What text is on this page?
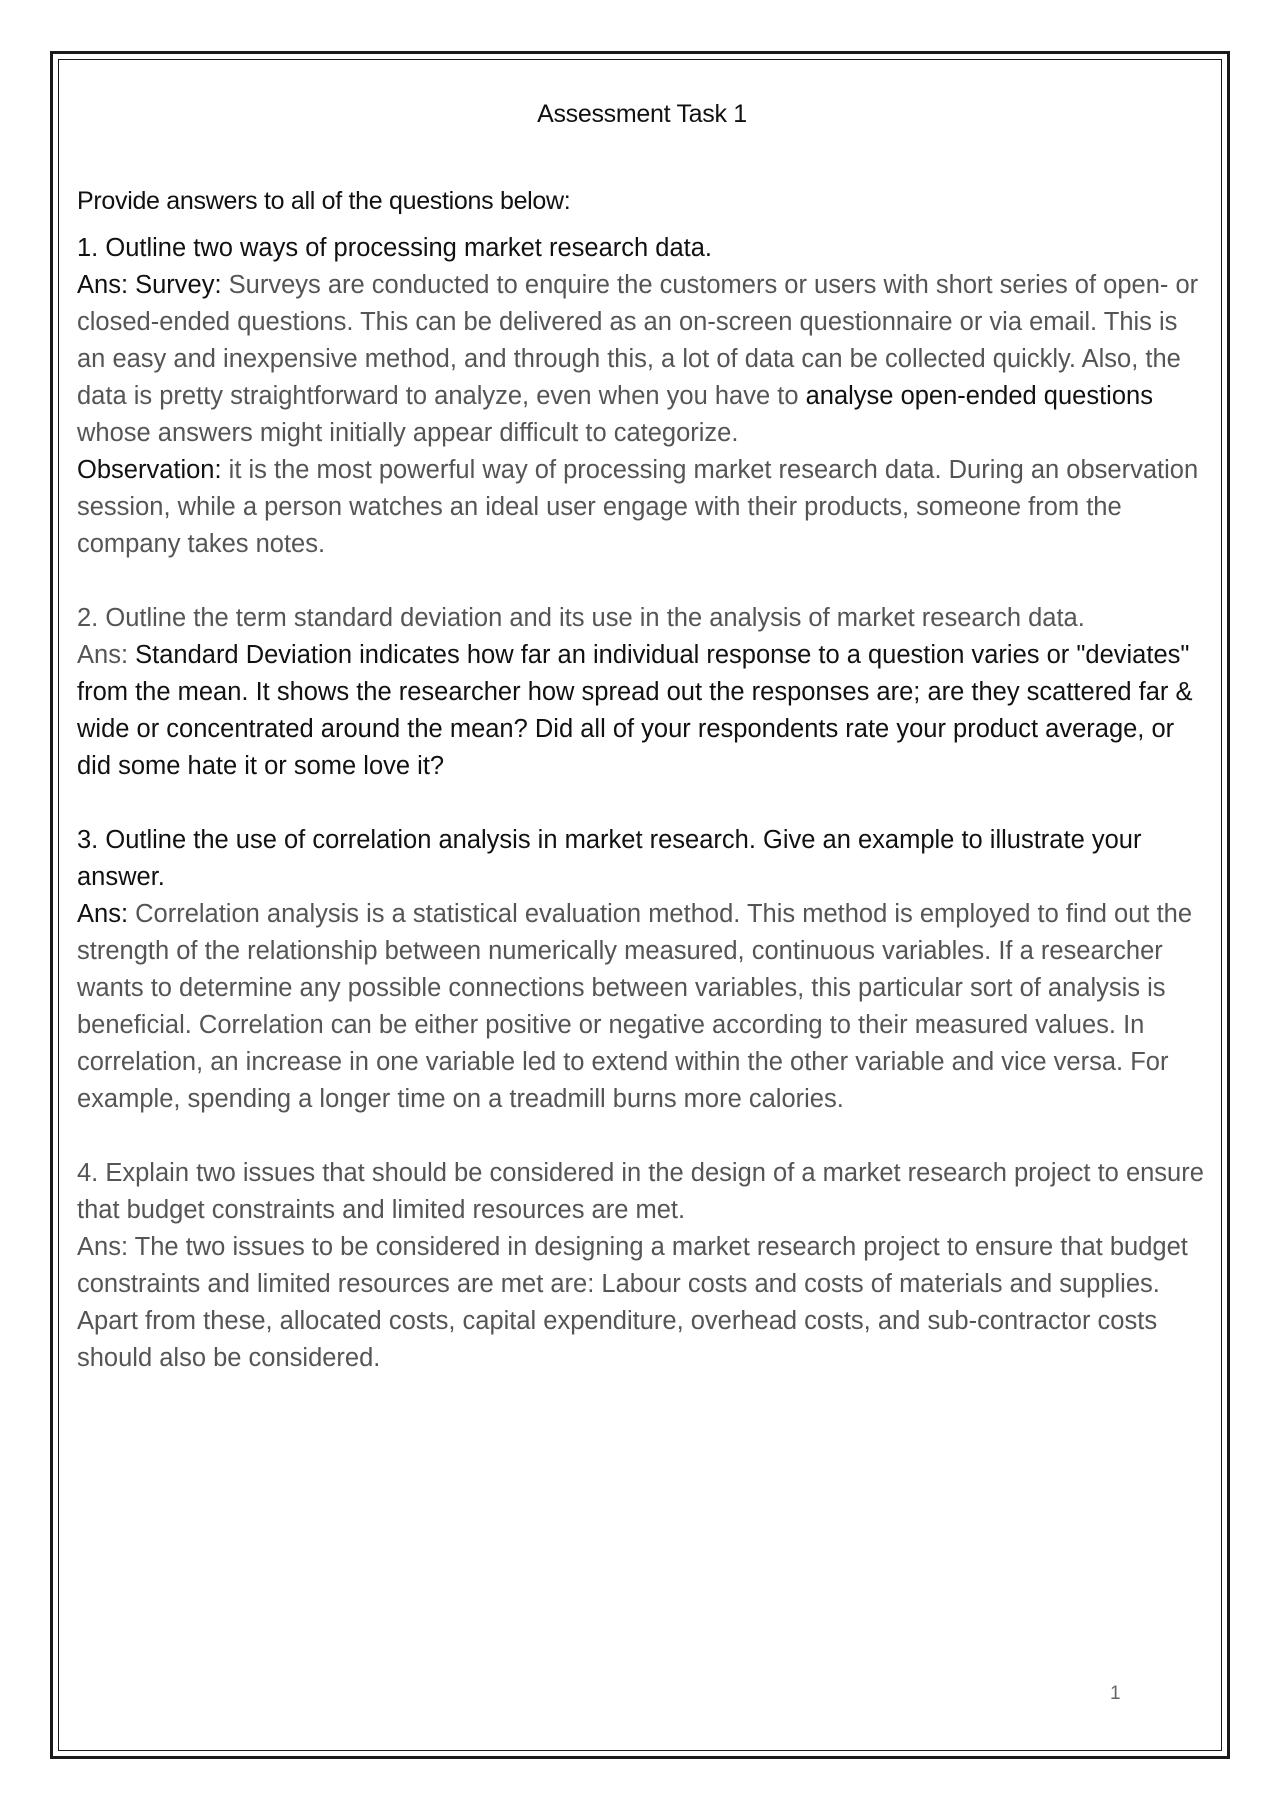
Assessment Task 1
Provide answers to all of the questions below:

1. Outline two ways of processing market research data.
Ans: Survey: Surveys are conducted to enquire the customers or users with short series of open- or closed-ended questions. This can be delivered as an on-screen questionnaire or via email. This is an easy and inexpensive method, and through this, a lot of data can be collected quickly. Also, the data is pretty straightforward to analyze, even when you have to analyse open-ended questions whose answers might initially appear difficult to categorize.
Observation: it is the most powerful way of processing market research data. During an observation session, while a person watches an ideal user engage with their products, someone from the company takes notes.

2. Outline the term standard deviation and its use in the analysis of market research data.
Ans: Standard Deviation indicates how far an individual response to a question varies or "deviates" from the mean. It shows the researcher how spread out the responses are; are they scattered far & wide or concentrated around the mean? Did all of your respondents rate your product average, or did some hate it or some love it?

3. Outline the use of correlation analysis in market research. Give an example to illustrate your answer.
Ans: Correlation analysis is a statistical evaluation method. This method is employed to find out the strength of the relationship between numerically measured, continuous variables. If a researcher wants to determine any possible connections between variables, this particular sort of analysis is beneficial. Correlation can be either positive or negative according to their measured values. In correlation, an increase in one variable led to extend within the other variable and vice versa. For example, spending a longer time on a treadmill burns more calories.

4. Explain two issues that should be considered in the design of a market research project to ensure that budget constraints and limited resources are met.
Ans: The two issues to be considered in designing a market research project to ensure that budget constraints and limited resources are met are: Labour costs and costs of materials and supplies. Apart from these, allocated costs, capital expenditure, overhead costs, and sub-contractor costs should also be considered.

1
